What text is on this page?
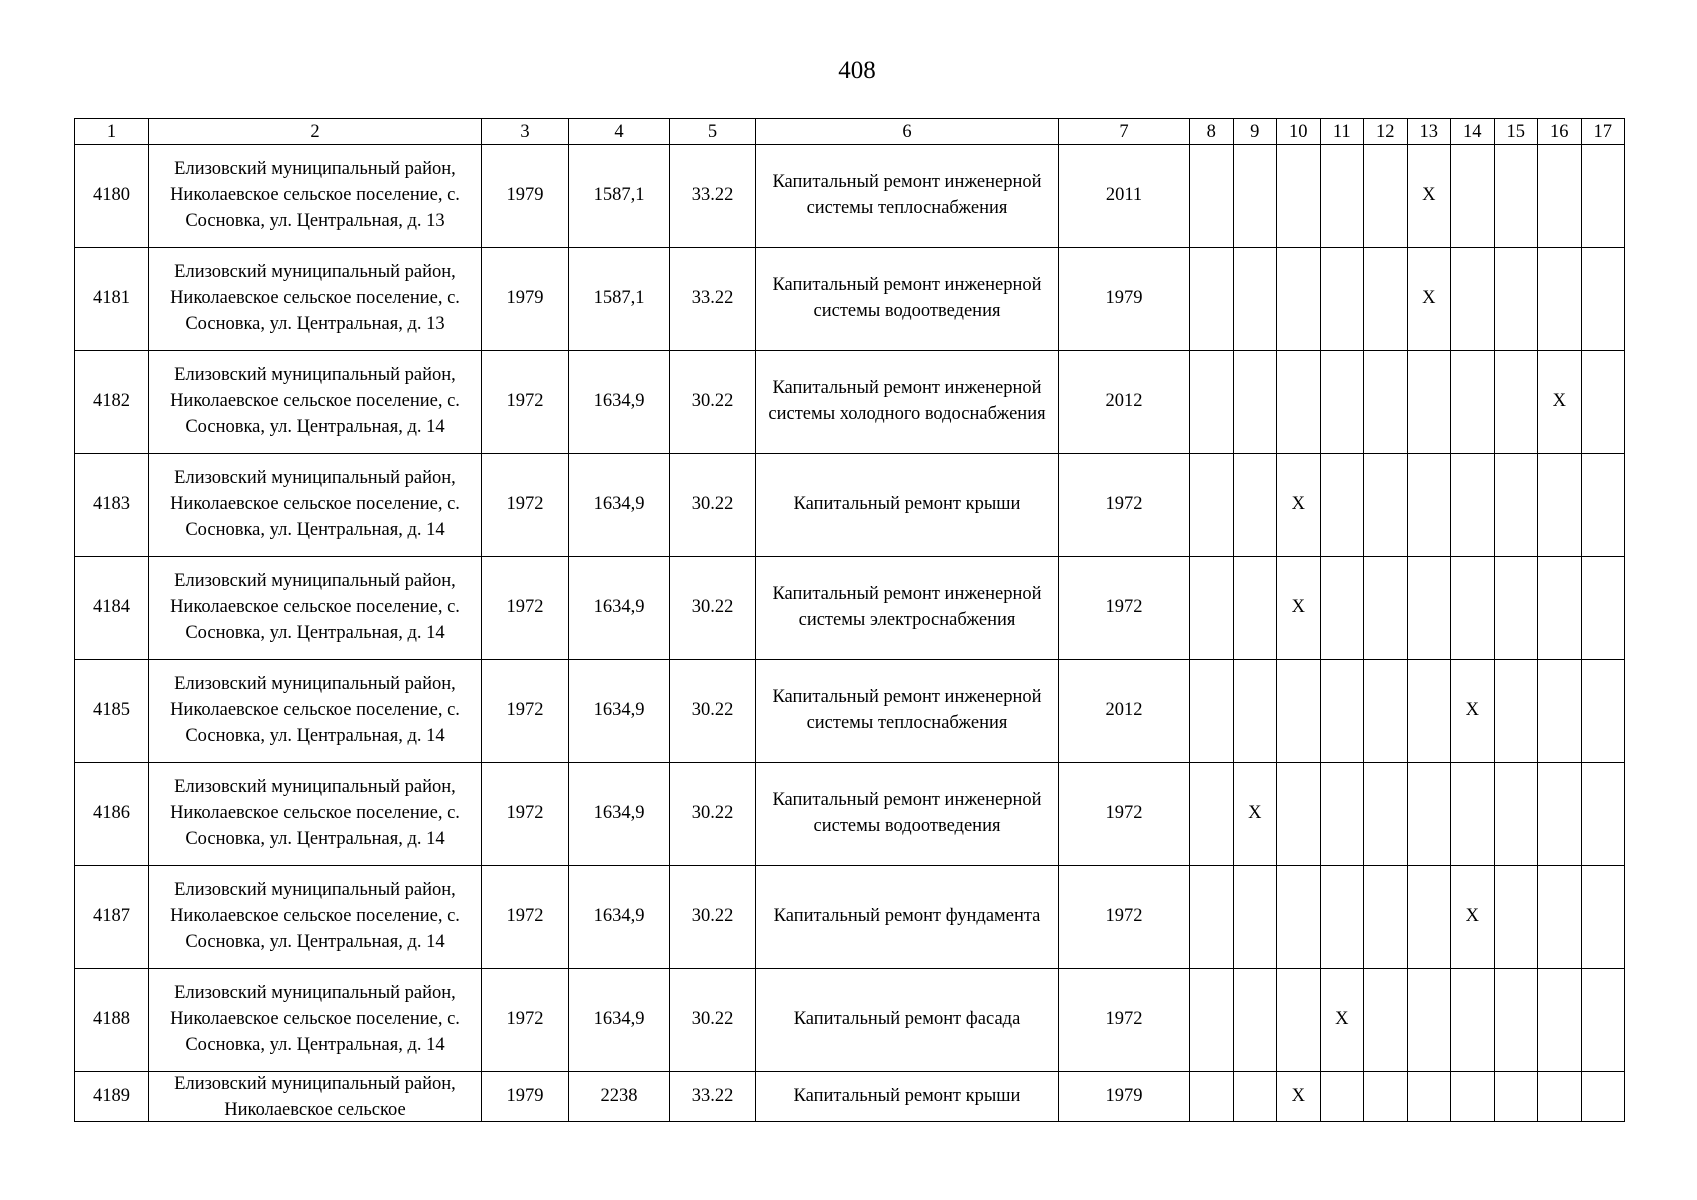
408
1	2	3	4	5	6	7	8	9	10	11	12	13	14	15	16	17
4180	Елизовский муниципальный район, Николаевское сельское поселение, с. Сосновка, ул. Центральная, д. 13	1979	1587,1	33.22	Капитальный ремонт инженерной системы теплоснабжения	2011						X				
4181	Елизовский муниципальный район, Николаевское сельское поселение, с. Сосновка, ул. Центральная, д. 13	1979	1587,1	33.22	Капитальный ремонт инженерной системы водоотведения	1979						X				
4182	Елизовский муниципальный район, Николаевское сельское поселение, с. Сосновка, ул. Центральная, д. 14	1972	1634,9	30.22	Капитальный ремонт инженерной системы холодного водоснабжения	2012									X	
4183	Елизовский муниципальный район, Николаевское сельское поселение, с. Сосновка, ул. Центральная, д. 14	1972	1634,9	30.22	Капитальный ремонт крыши	1972			X							
4184	Елизовский муниципальный район, Николаевское сельское поселение, с. Сосновка, ул. Центральная, д. 14	1972	1634,9	30.22	Капитальный ремонт инженерной системы электроснабжения	1972			X							
4185	Елизовский муниципальный район, Николаевское сельское поселение, с. Сосновка, ул. Центральная, д. 14	1972	1634,9	30.22	Капитальный ремонт инженерной системы теплоснабжения	2012							X			
4186	Елизовский муниципальный район, Николаевское сельское поселение, с. Сосновка, ул. Центральная, д. 14	1972	1634,9	30.22	Капитальный ремонт инженерной системы водоотведения	1972		X								
4187	Елизовский муниципальный район, Николаевское сельское поселение, с. Сосновка, ул. Центральная, д. 14	1972	1634,9	30.22	Капитальный ремонт фундамента	1972							X			
4188	Елизовский муниципальный район, Николаевское сельское поселение, с. Сосновка, ул. Центральная, д. 14	1972	1634,9	30.22	Капитальный ремонт фасада	1972				X						
4189	Елизовский муниципальный район, Николаевское сельское	1979	2238	33.22	Капитальный ремонт крыши	1979			X							
